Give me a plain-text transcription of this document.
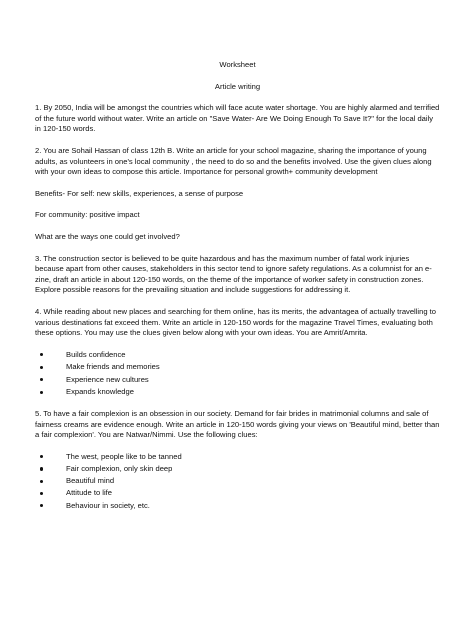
Worksheet
Article writing

1. By 2050, India will be amongst the countries which will face acute water shortage. You are highly alarmed and terrified of the future world without water. Write an article on "Save Water- Are We Doing Enough To Save It?" for the local daily in 120-150 words.

2. You are Sohail Hassan of class 12th B. Write an article for your school magazine, sharing the importance of young adults, as volunteers in one's local community , the need to do so and the benefits involved. Use the given clues along with your own ideas to compose this article. Importance for personal growth+ community development

Benefits- For self: new skills, experiences, a sense of purpose

For community: positive impact

What are the ways one could get involved?

3. The construction sector is believed to be quite hazardous and has the maximum number of fatal work injuries because apart from other causes, stakeholders in this sector tend to ignore safety regulations. As a columnist for an e-zine, draft an article in about 120-150 words, on the theme of the importance of worker safety in construction zones. Explore possible reasons for the prevailing situation and include suggestions for addressing it.

4. While reading about new places and searching for them online, has its merits, the advantagea of actually travelling to various destinations fat exceed them. Write an article in 120-150 words for the magazine Travel Times, evaluating both these options. You may use the clues given below along with your own ideas. You are Amrit/Amrita.

Builds confidence
Make friends and memories
Experience new cultures
Expands knowledge

5. To have a fair complexion is an obsession in our society. Demand for fair brides in matrimonial columns and sale of fairness creams are evidence enough. Write an article in 120-150 words giving your views on 'Beautiful mind, better than a fair complexion'. You are Natwar/Nimmi. Use the following clues:

The west, people like to be tanned
Fair complexion, only skin deep
Beautiful mind
Attitude to life
Behaviour in society, etc.
